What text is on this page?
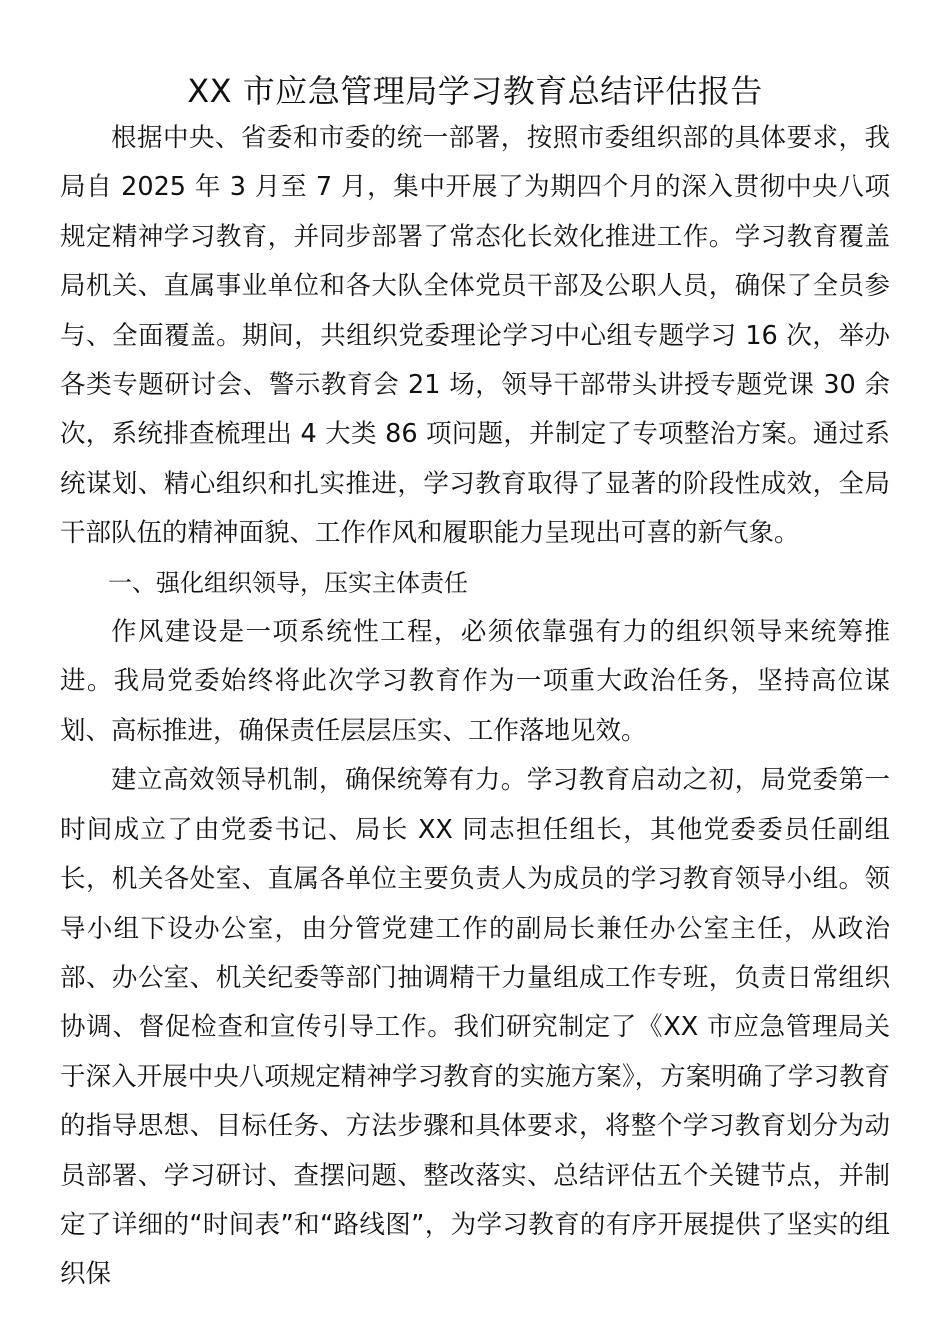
XX 市应急管理局学习教育总结评估报告

根据中央、省委和市委的统一部署，按照市委组织部的具体要求，我局自 2025 年 3 月至 7 月，集中开展了为期四个月的深入贯彻中央八项规定精神学习教育，并同步部署了常态化长效化推进工作。学习教育覆盖局机关、直属事业单位和各大队全体党员干部及公职人员，确保了全员参与、全面覆盖。期间，共组织党委理论学习中心组专题学习 16 次，举办各类专题研讨会、警示教育会 21 场，领导干部带头讲授专题党课 30 余次，系统排查梳理出 4 大类 86 项问题，并制定了专项整治方案。通过系统谋划、精心组织和扎实推进，学习教育取得了显著的阶段性成效，全局干部队伍的精神面貌、工作作风和履职能力呈现出可喜的新气象。

一、强化组织领导，压实主体责任

作风建设是一项系统性工程，必须依靠强有力的组织领导来统筹推进。我局党委始终将此次学习教育作为一项重大政治任务，坚持高位谋划、高标推进，确保责任层层压实、工作落地见效。

建立高效领导机制，确保统筹有力。学习教育启动之初，局党委第一时间成立了由党委书记、局长 XX 同志担任组长，其他党委委员任副组长，机关各处室、直属各单位主要负责人为成员的学习教育领导小组。领导小组下设办公室，由分管党建工作的副局长兼任办公室主任，从政治部、办公室、机关纪委等部门抽调精干力量组成工作专班，负责日常组织协调、督促检查和宣传引导工作。我们研究制定了《XX 市应急管理局关于深入开展中央八项规定精神学习教育的实施方案》，方案明确了学习教育的指导思想、目标任务、方法步骤和具体要求，将整个学习教育划分为动员部署、学习研讨、查摆问题、整改落实、总结评估五个关键节点，并制定了详细的“时间表”和“路线图”，为学习教育的有序开展提供了坚实的组织保
